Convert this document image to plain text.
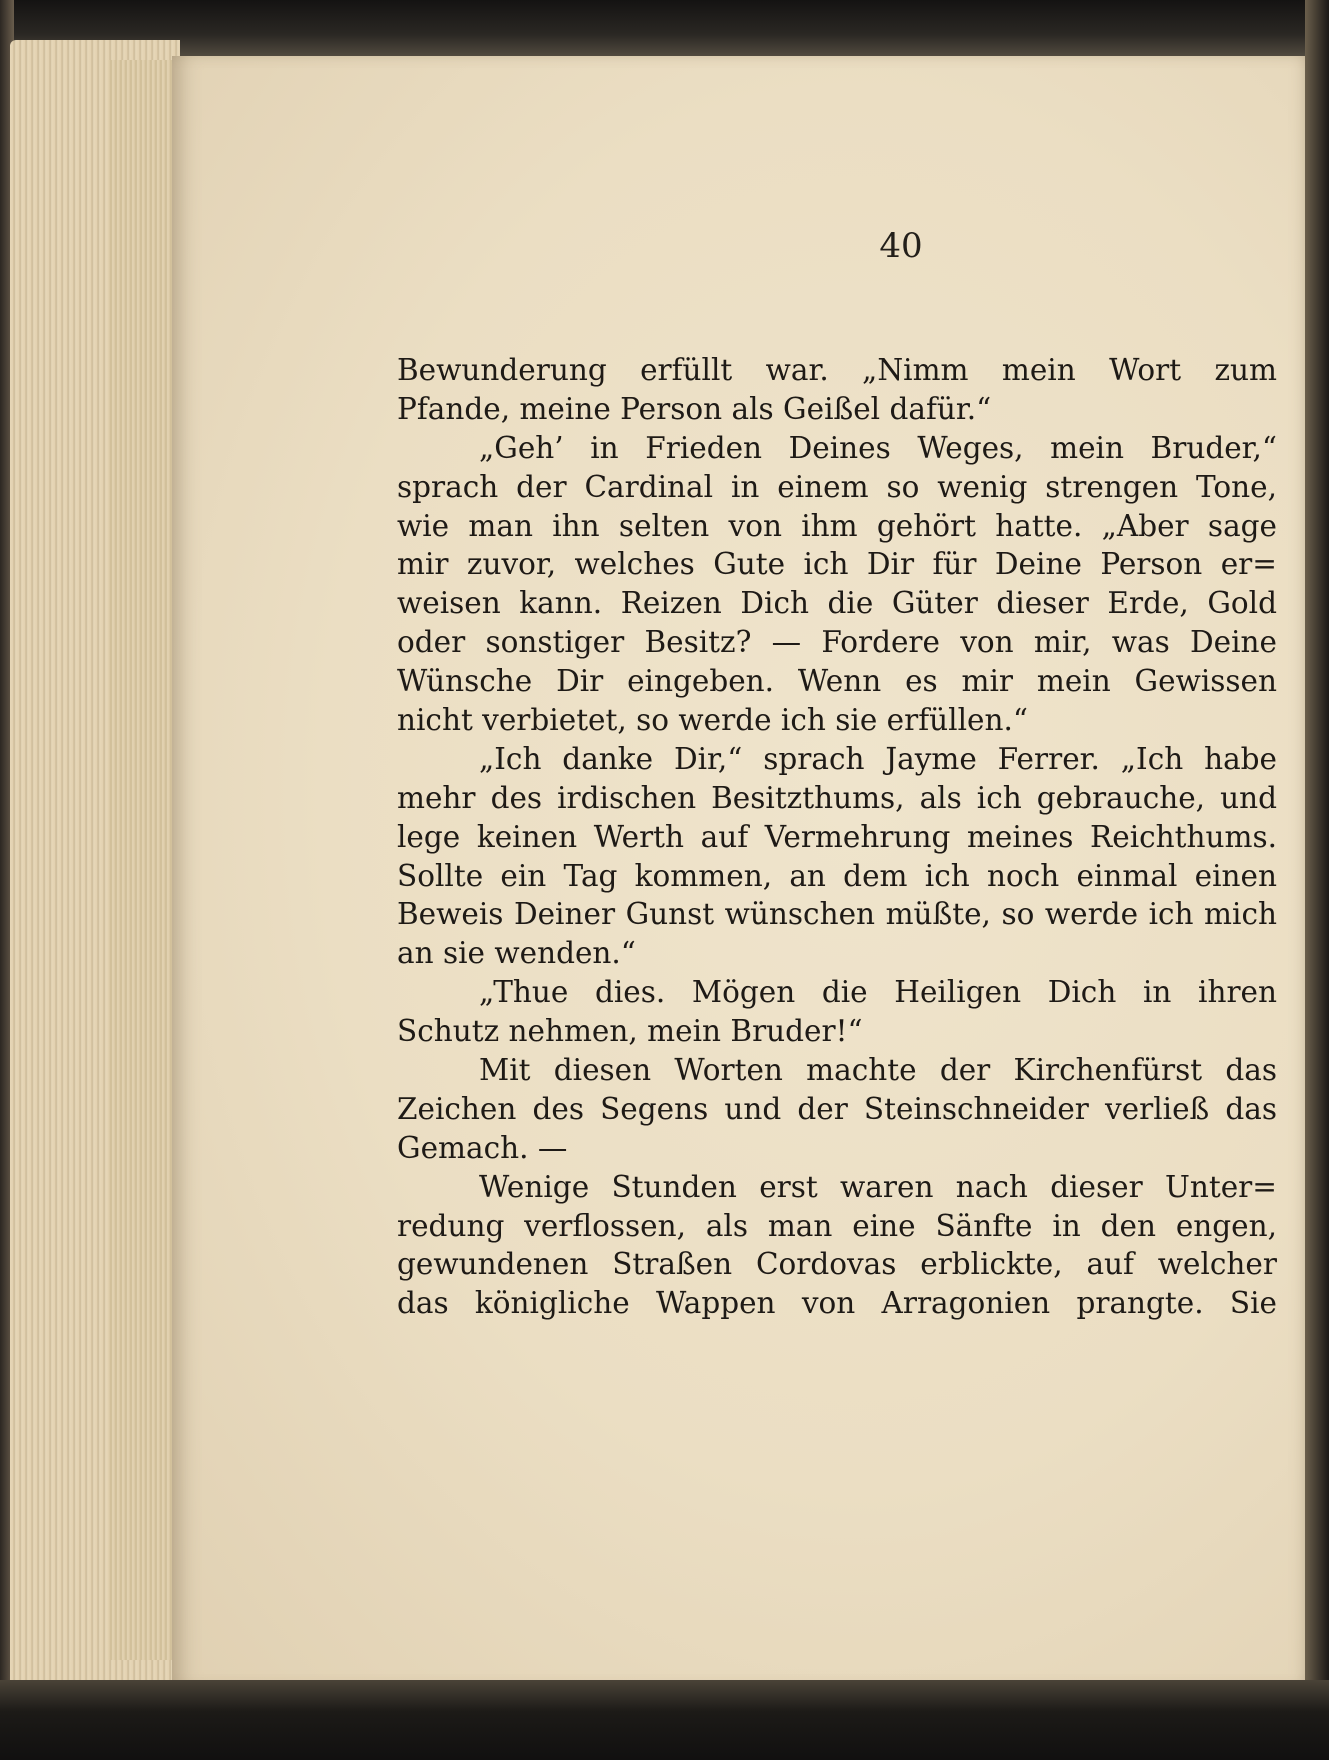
40
Bewunderung erfüllt war. „Nimm mein Wort zum
Pfande, meine Person als Geißel dafür.“
„Geh’ in Frieden Deines Weges, mein Bruder,“
sprach der Cardinal in einem so wenig strengen Tone,
wie man ihn selten von ihm gehört hatte. „Aber sage
mir zuvor, welches Gute ich Dir für Deine Person er=
weisen kann. Reizen Dich die Güter dieser Erde, Gold
oder sonstiger Besitz? — Fordere von mir, was Deine
Wünsche Dir eingeben. Wenn es mir mein Gewissen
nicht verbietet, so werde ich sie erfüllen.“
„Ich danke Dir,“ sprach Jayme Ferrer. „Ich habe
mehr des irdischen Besitzthums, als ich gebrauche, und
lege keinen Werth auf Vermehrung meines Reichthums.
Sollte ein Tag kommen, an dem ich noch einmal einen
Beweis Deiner Gunst wünschen müßte, so werde ich mich
an sie wenden.“
„Thue dies. Mögen die Heiligen Dich in ihren
Schutz nehmen, mein Bruder!“
Mit diesen Worten machte der Kirchenfürst das
Zeichen des Segens und der Steinschneider verließ das
Gemach. —
Wenige Stunden erst waren nach dieser Unter=
redung verflossen, als man eine Sänfte in den engen,
gewundenen Straßen Cordovas erblickte, auf welcher
das königliche Wappen von Arragonien prangte. Sie
